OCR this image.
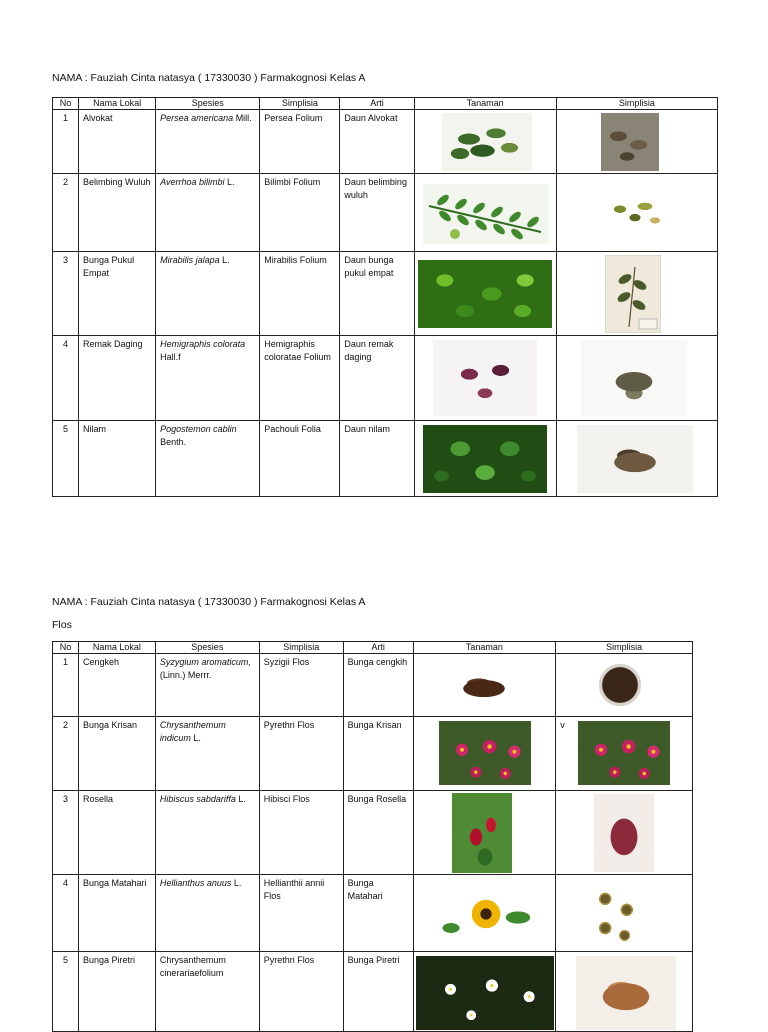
NAMA : Fauziah Cinta natasya ( 17330030 ) Farmakognosi Kelas A
No	Nama Lokal	Spesies	Simplisia	Arti	Tanaman	Simplisia
1	Alvokat	Persea americana Mill.	Persea Folium	Daun Alvokat	

2	Belimbing Wuluh	Averrhoa bilimbi L.	Bilimbi Folium	Daun belimbing wuluh	

3	Bunga Pukul Empat	Mirabilis jalapa L.	Mirabilis Folium	Daun bunga pukul empat	

4	Remak Daging	Hemigraphis colorata Hall.f	Hemigraphis coloratae Folium	Daun remak daging	

5	Nilam	Pogostemon cablin Benth.	Pachouli Folia	Daun nilam	

NAMA : Fauziah Cinta natasya ( 17330030 ) Farmakognosi Kelas A
Flos
No	Nama Lokal	Spesies	Simplisia	Arti	Tanaman	Simplisia
1	Cengkeh	Syzygium aromaticum, (Linn.) Merrr.	Syzigii Flos	Bunga cengkih	

2	Bunga Krisan	Chrysanthemum indicum L.	Pyrethri Flos	Bunga Krisan		v

3	Rosella	Hibiscus sabdariffa L.	Hibisci Flos	Bunga Rosella	

4	Bunga Matahari	Hellianthus anuus L.	Hellianthii annii Flos	Bunga Matahari	

5	Bunga Piretri	Chrysanthemum cinerariaefolium	Pyrethri Flos	Bunga Piretri	
